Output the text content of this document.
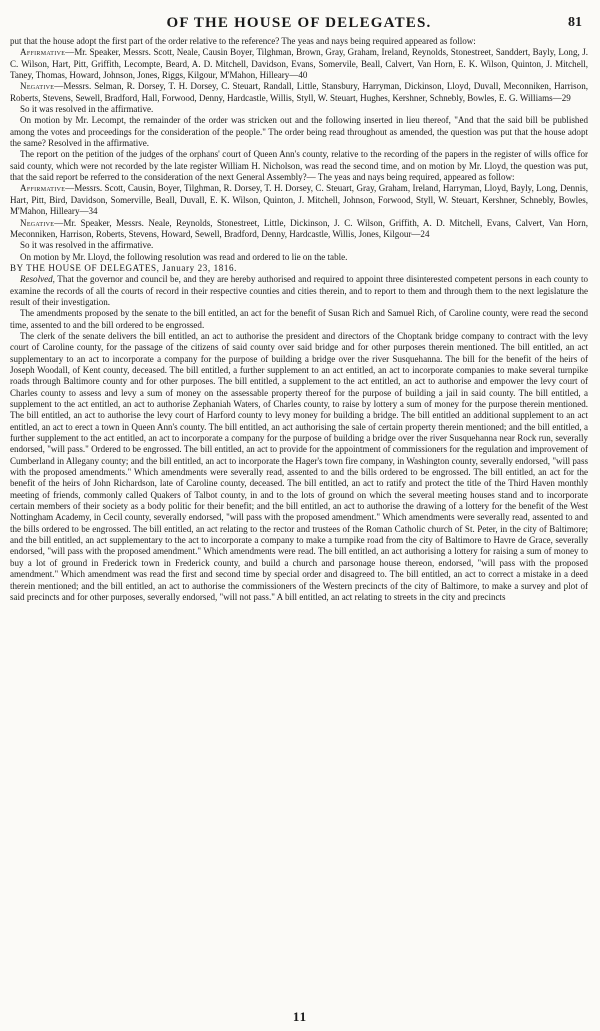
OF THE HOUSE OF DELEGATES.	81

put that the house adopt the first part of the order relative to the reference? The yeas and nays being required appeared as follow:

Affirmative—Mr. Speaker, Messrs. Scott, Neale, Causin Boyer, Tilghman, Brown, Gray, Graham, Ireland, Reynolds, Stonestreet, Sanddert, Bayly, Long, J. C. Wilson, Hart, Pitt, Griffith, Lecompte, Beard, A. D. Mitchell, Davidson, Evans, Somervile, Beall, Calvert, Van Horn, E. K. Wilson, Quinton, J. Mitchell, Taney, Thomas, Howard, Johnson, Jones, Riggs, Kilgour, M'Mahon, Hilleary—40

Negative—Messrs. Selman, R. Dorsey, T. H. Dorsey, C. Steuart, Randall, Little, Stansbury, Harryman, Dickinson, Lloyd, Duvall, Meconniken, Harrison, Roberts, Stevens, Sewell, Bradford, Hall, Forwood, Denny, Hardcastle, Willis, Styll, W. Steuart, Hughes, Kershner, Schnebly, Bowles, E. G. Williams—29

So it was resolved in the affirmative.

On motion by Mr. Lecompt, the remainder of the order was stricken out and the following inserted in lieu thereof, "And that the said bill be published among the votes and proceedings for the consideration of the people." The order being read throughout as amended, the question was put that the house adopt the same? Resolved in the affirmative.

The report on the petition of the judges of the orphans' court of Queen Ann's county, relative to the recording of the papers in the register of wills office for said county, which were not recorded by the late register William H. Nicholson, was read the second time, and on motion by Mr. Lloyd, the question was put, that the said report be referred to the consideration of the next General Assembly?— The yeas and nays being required, appeared as follow:

Affirmative—Messrs. Scott, Causin, Boyer, Tilghman, R. Dorsey, T. H. Dorsey, C. Steuart, Gray, Graham, Ireland, Harryman, Lloyd, Bayly, Long, Dennis, Hart, Pitt, Bird, Davidson, Somerville, Beall, Duvall, E. K. Wilson, Quinton, J. Mitchell, Johnson, Forwood, Styll, W. Steuart, Kershner, Schnebly, Bowles, M'Mahon, Hilleary—34

Negative—Mr. Speaker, Messrs. Neale, Reynolds, Stonestreet, Little, Dickinson, J. C. Wilson, Griffith, A. D. Mitchell, Evans, Calvert, Van Horn, Meconniken, Harrison, Roberts, Stevens, Howard, Sewell, Bradford, Denny, Hardcastle, Willis, Jones, Kilgour—24

So it was resolved in the affirmative.

On motion by Mr. Lloyd, the following resolution was read and ordered to lie on the table.

BY THE HOUSE OF DELEGATES, January 23, 1816.

Resolved, That the governor and council be, and they are hereby authorised and required to appoint three disinterested competent persons in each county to examine the records of all the courts of record in their respective counties and cities therein, and to report to them and through them to the next legislature the result of their investigation.

The amendments proposed by the senate to the bill entitled, an act for the benefit of Susan Rich and Samuel Rich, of Caroline county, were read the second time, assented to and the bill ordered to be engrossed.

The clerk of the senate delivers the bill entitled, an act to authorise the president and directors of the Choptank bridge company to contract with the levy court of Caroline county, for the passage of the citizens of said county over said bridge and for other purposes therein mentioned. The bill entitled, an act supplementary to an act to incorporate a company for the purpose of building a bridge over the river Susquehanna. The bill for the benefit of the heirs of Joseph Woodall, of Kent county, deceased. The bill entitled, a further supplement to an act entitled, an act to incorporate companies to make several turnpike roads through Baltimore county and for other purposes. The bill entitled, a supplement to the act entitled, an act to authorise and empower the levy court of Charles county to assess and levy a sum of money on the assessable property thereof for the purpose of building a jail in said county. The bill entitled, a supplement to the act entitled, an act to authorise Zephaniah Waters, of Charles county, to raise by lottery a sum of money for the purpose therein mentioned. The bill entitled, an act to authorise the levy court of Harford county to levy money for building a bridge. The bill entitled an additional supplement to an act entitled, an act to erect a town in Queen Ann's county. The bill entitled, an act authorising the sale of certain property therein mentioned; and the bill entitled, a further supplement to the act entitled, an act to incorporate a company for the purpose of building a bridge over the river Susquehanna near Rock run, severally endorsed, "will pass." Ordered to be engrossed. The bill entitled, an act to provide for the appointment of commissioners for the regulation and improvement of Cumberland in Allegany county; and the bill entitled, an act to incorporate the Hager's town fire company, in Washington county, severally endorsed, "will pass with the proposed amendments." Which amendments were severally read, assented to and the bills ordered to be engrossed. The bill entitled, an act for the benefit of the heirs of John Richardson, late of Caroline county, deceased. The bill entitled, an act to ratify and protect the title of the Third Haven monthly meeting of friends, commonly called Quakers of Talbot county, in and to the lots of ground on which the several meeting houses stand and to incorporate certain members of their society as a body politic for their benefit; and the bill entitled, an act to authorise the drawing of a lottery for the benefit of the West Nottingham Academy, in Cecil county, severally endorsed, "will pass with the proposed amendment." Which amendments were severally read, assented to and the bills ordered to be engrossed. The bill entitled, an act relating to the rector and trustees of the Roman Catholic church of St. Peter, in the city of Baltimore; and the bill entitled, an act supplementary to the act to incorporate a company to make a turnpike road from the city of Baltimore to Havre de Grace, severally endorsed, "will pass with the proposed amendment." Which amendments were read. The bill entitled, an act authorising a lottery for raising a sum of money to buy a lot of ground in Frederick town in Frederick county, and build a church and parsonage house thereon, endorsed, "will pass with the proposed amendment." Which amendment was read the first and second time by special order and disagreed to. The bill entitled, an act to correct a mistake in a deed therein mentioned; and the bill entitled, an act to authorise the commissioners of the Western precincts of the city of Baltimore, to make a survey and plot of said precincts and for other purposes, severally endorsed, "will not pass." A bill entitled, an act relating to streets in the city and precincts

11
